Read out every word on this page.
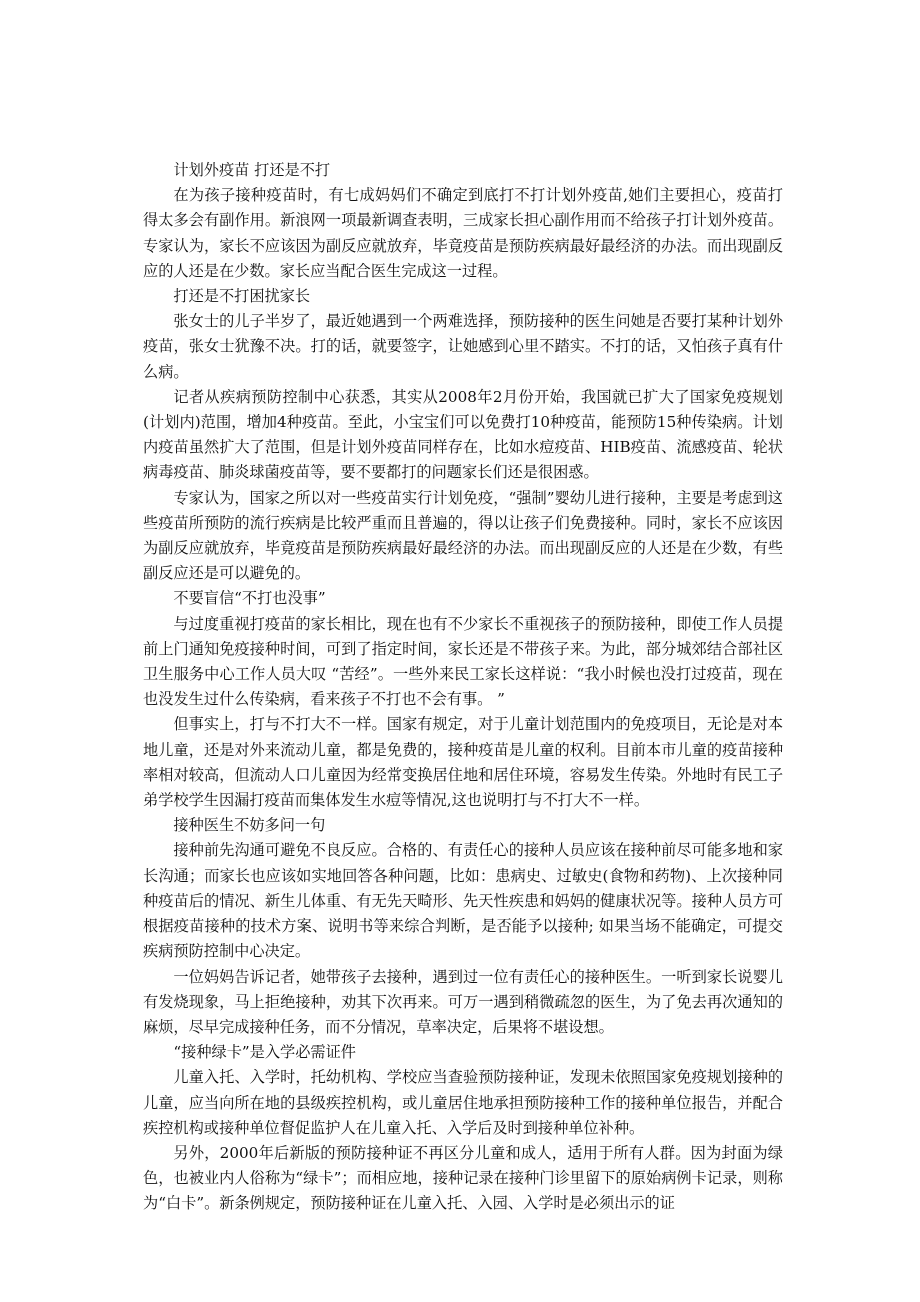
计划外疫苗 打还是不打

在为孩子接种疫苗时，有七成妈妈们不确定到底打不打计划外疫苗,她们主要担心，疫苗打得太多会有副作用。新浪网一项最新调查表明，三成家长担心副作用而不给孩子打计划外疫苗。专家认为，家长不应该因为副反应就放弃，毕竟疫苗是预防疾病最好最经济的办法。而出现副反应的人还是在少数。家长应当配合医生完成这一过程。

打还是不打困扰家长

张女士的儿子半岁了，最近她遇到一个两难选择，预防接种的医生问她是否要打某种计划外疫苗，张女士犹豫不决。打的话，就要签字，让她感到心里不踏实。不打的话，又怕孩子真有什么病。

记者从疾病预防控制中心获悉，其实从2008年2月份开始，我国就已扩大了国家免疫规划(计划内)范围，增加4种疫苗。至此，小宝宝们可以免费打10种疫苗，能预防15种传染病。计划内疫苗虽然扩大了范围，但是计划外疫苗同样存在，比如水痘疫苗、HIB疫苗、流感疫苗、轮状病毒疫苗、肺炎球菌疫苗等，要不要都打的问题家长们还是很困惑。

专家认为，国家之所以对一些疫苗实行计划免疫，“强制”婴幼儿进行接种，主要是考虑到这些疫苗所预防的流行疾病是比较严重而且普遍的，得以让孩子们免费接种。同时，家长不应该因为副反应就放弃，毕竟疫苗是预防疾病最好最经济的办法。而出现副反应的人还是在少数，有些副反应还是可以避免的。

不要盲信“不打也没事”

与过度重视打疫苗的家长相比，现在也有不少家长不重视孩子的预防接种，即使工作人员提前上门通知免疫接种时间，可到了指定时间，家长还是不带孩子来。为此，部分城郊结合部社区卫生服务中心工作人员大叹 “苦经”。一些外来民工家长这样说：“我小时候也没打过疫苗，现在也没发生过什么传染病，看来孩子不打也不会有事。 ”

但事实上，打与不打大不一样。国家有规定，对于儿童计划范围内的免疫项目，无论是对本地儿童，还是对外来流动儿童，都是免费的，接种疫苗是儿童的权利。目前本市儿童的疫苗接种率相对较高，但流动人口儿童因为经常变换居住地和居住环境，容易发生传染。外地时有民工子弟学校学生因漏打疫苗而集体发生水痘等情况,这也说明打与不打大不一样。

接种医生不妨多问一句

接种前先沟通可避免不良反应。合格的、有责任心的接种人员应该在接种前尽可能多地和家长沟通；而家长也应该如实地回答各种问题，比如：患病史、过敏史(食物和药物)、上次接种同种疫苗后的情况、新生儿体重、有无先天畸形、先天性疾患和妈妈的健康状况等。接种人员方可根据疫苗接种的技术方案、说明书等来综合判断，是否能予以接种; 如果当场不能确定，可提交疾病预防控制中心决定。

一位妈妈告诉记者，她带孩子去接种，遇到过一位有责任心的接种医生。一听到家长说婴儿有发烧现象，马上拒绝接种，劝其下次再来。可万一遇到稍微疏忽的医生，为了免去再次通知的麻烦，尽早完成接种任务，而不分情况，草率决定，后果将不堪设想。

“接种绿卡”是入学必需证件

儿童入托、入学时，托幼机构、学校应当查验预防接种证，发现未依照国家免疫规划接种的儿童，应当向所在地的县级疾控机构，或儿童居住地承担预防接种工作的接种单位报告，并配合疾控机构或接种单位督促监护人在儿童入托、入学后及时到接种单位补种。

另外，2000年后新版的预防接种证不再区分儿童和成人，适用于所有人群。因为封面为绿色，也被业内人俗称为“绿卡”；而相应地，接种记录在接种门诊里留下的原始病例卡记录，则称为“白卡”。新条例规定，预防接种证在儿童入托、入园、入学时是必须出示的证
